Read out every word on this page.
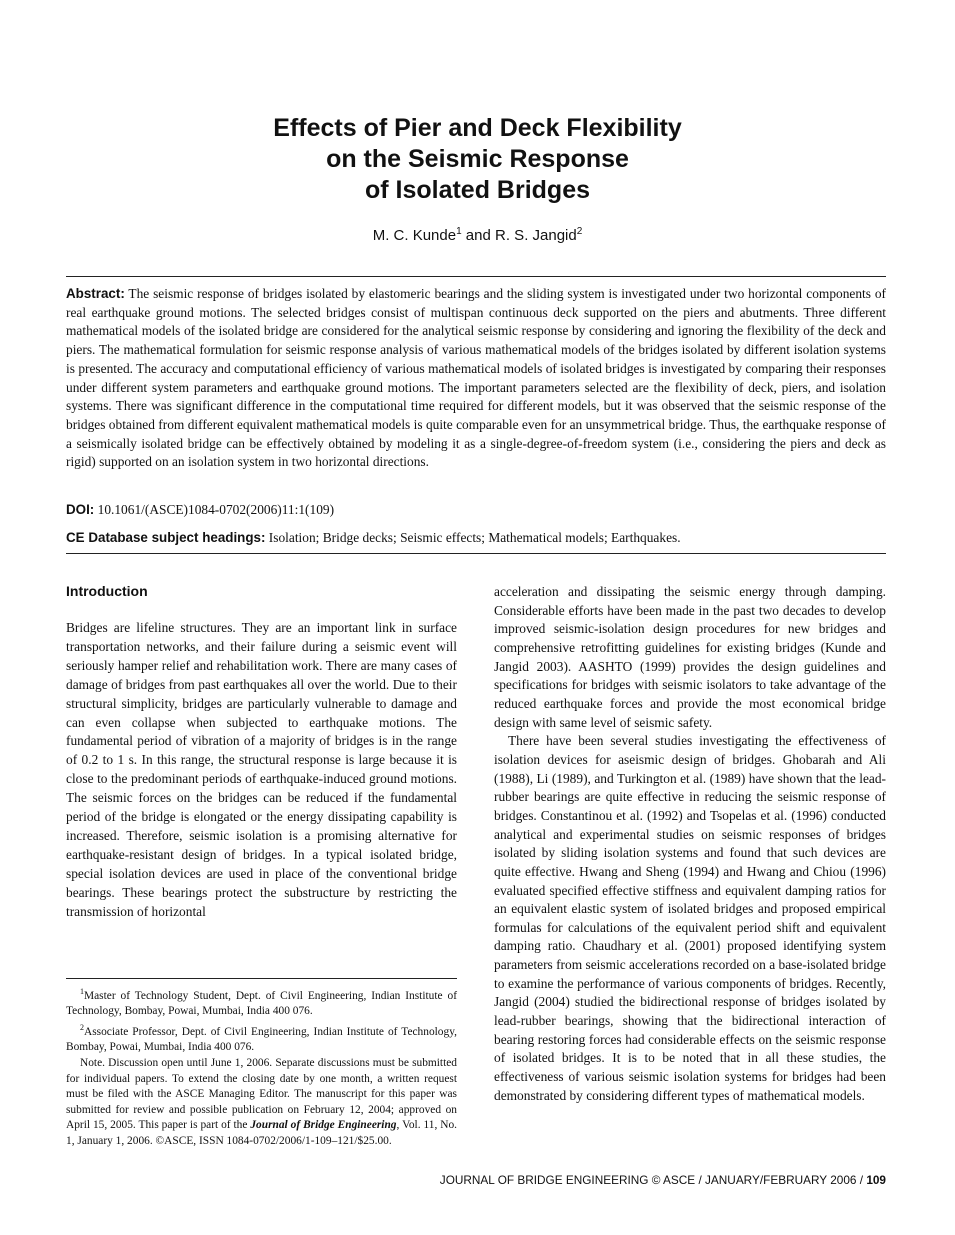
Effects of Pier and Deck Flexibility
on the Seismic Response
of Isolated Bridges
M. C. Kunde$^1$ and R. S. Jangid$^2$
Abstract: The seismic response of bridges isolated by elastomeric bearings and the sliding system is investigated under two horizontal components of real earthquake ground motions. The selected bridges consist of multispan continuous deck supported on the piers and abutments. Three different mathematical models of the isolated bridge are considered for the analytical seismic response by considering and ignoring the flexibility of the deck and piers. The mathematical formulation for seismic response analysis of various mathematical models of the bridges isolated by different isolation systems is presented. The accuracy and computational efficiency of various mathematical models of isolated bridges is investigated by comparing their responses under different system parameters and earthquake ground motions. The important parameters selected are the flexibility of deck, piers, and isolation systems. There was significant difference in the computational time required for different models, but it was observed that the seismic response of the bridges obtained from different equivalent mathematical models is quite comparable even for an unsymmetrical bridge. Thus, the earthquake response of a seismically isolated bridge can be effectively obtained by modeling it as a single-degree-of-freedom system (i.e., considering the piers and deck as rigid) supported on an isolation system in two horizontal directions.
DOI: 10.1061/(ASCE)1084-0702(2006)11:1(109)
CE Database subject headings: Isolation; Bridge decks; Seismic effects; Mathematical models; Earthquakes.
Introduction

Bridges are lifeline structures. They are an important link in surface transportation networks, and their failure during a seismic event will seriously hamper relief and rehabilitation work. There are many cases of damage of bridges from past earthquakes all over the world. Due to their structural simplicity, bridges are particularly vulnerable to damage and can even collapse when subjected to earthquake motions. The fundamental period of vibration of a majority of bridges is in the range of 0.2 to 1 s. In this range, the structural response is large because it is close to the predominant periods of earthquake-induced ground motions. The seismic forces on the bridges can be reduced if the fundamental period of the bridge is elongated or the energy dissipating capability is increased. Therefore, seismic isolation is a promising alternative for earthquake-resistant design of bridges. In a typical isolated bridge, special isolation devices are used in place of the conventional bridge bearings. These bearings protect the substructure by restricting the transmission of horizontal

$^1$Master of Technology Student, Dept. of Civil Engineering, Indian Institute of Technology, Bombay, Powai, Mumbai, India 400 076.

$^2$Associate Professor, Dept. of Civil Engineering, Indian Institute of Technology, Bombay, Powai, Mumbai, India 400 076.

Note. Discussion open until June 1, 2006. Separate discussions must be submitted for individual papers. To extend the closing date by one month, a written request must be filed with the ASCE Managing Editor. The manuscript for this paper was submitted for review and possible publication on February 12, 2004; approved on April 15, 2005. This paper is part of the Journal of Bridge Engineering, Vol. 11, No. 1, January 1, 2006. ©ASCE, ISSN 1084-0702/2006/1-109–121/$25.00.

acceleration and dissipating the seismic energy through damping. Considerable efforts have been made in the past two decades to develop improved seismic-isolation design procedures for new bridges and comprehensive retrofitting guidelines for existing bridges (Kunde and Jangid 2003). AASHTO (1999) provides the design guidelines and specifications for bridges with seismic isolators to take advantage of the reduced earthquake forces and provide the most economical bridge design with same level of seismic safety.

There have been several studies investigating the effectiveness of isolation devices for aseismic design of bridges. Ghobarah and Ali (1988), Li (1989), and Turkington et al. (1989) have shown that the lead-rubber bearings are quite effective in reducing the seismic response of bridges. Constantinou et al. (1992) and Tsopelas et al. (1996) conducted analytical and experimental studies on seismic responses of bridges isolated by sliding isolation systems and found that such devices are quite effective. Hwang and Sheng (1994) and Hwang and Chiou (1996) evaluated specified effective stiffness and equivalent damping ratios for an equivalent elastic system of isolated bridges and proposed empirical formulas for calculations of the equivalent period shift and equivalent damping ratio. Chaudhary et al. (2001) proposed identifying system parameters from seismic accelerations recorded on a base-isolated bridge to examine the performance of various components of bridges. Recently, Jangid (2004) studied the bidirectional response of bridges isolated by lead-rubber bearings, showing that the bidirectional interaction of bearing restoring forces had considerable effects on the seismic response of isolated bridges. It is to be noted that in all these studies, the effectiveness of various seismic isolation systems for bridges had been demonstrated by considering different types of mathematical models.

JOURNAL OF BRIDGE ENGINEERING © ASCE / JANUARY/FEBRUARY 2006 / 109
